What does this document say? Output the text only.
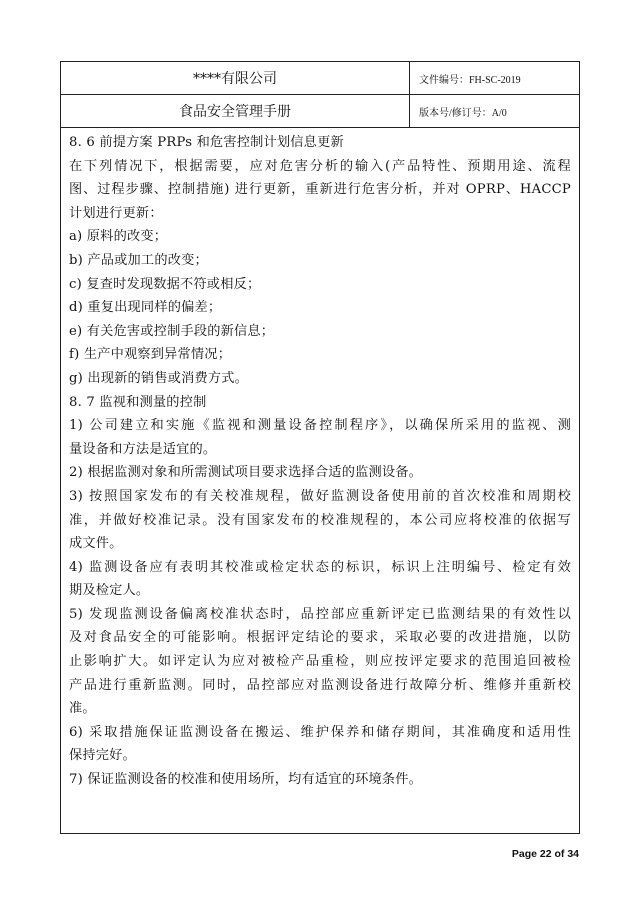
****有限公司	文件编号：FH-SC-2019
食品安全管理手册	版本号/修订号：A/0
8. 6 前提方案 PRPs 和危害控制计划信息更新
在下列情况下，根据需要，应对危害分析的输入(产品特性、预期用途、流程
图、过程步骤、控制措施) 进行更新，重新进行危害分析，并对 OPRP、HACCP
计划进行更新：
a) 原料的改变；
b) 产品或加工的改变；
c) 复查时发现数据不符或相反；
d) 重复出现同样的偏差；
e) 有关危害或控制手段的新信息；
f) 生产中观察到异常情况；
g) 出现新的销售或消费方式。
8. 7 监视和测量的控制
1) 公司建立和实施《监视和测量设备控制程序》，以确保所采用的监视、测
量设备和方法是适宜的。
2) 根据监测对象和所需测试项目要求选择合适的监测设备。
3) 按照国家发布的有关校准规程，做好监测设备使用前的首次校准和周期校
准，并做好校准记录。没有国家发布的校准规程的，本公司应将校准的依据写
成文件。
4) 监测设备应有表明其校准或检定状态的标识，标识上注明编号、检定有效
期及检定人。
5) 发现监测设备偏离校准状态时，品控部应重新评定已监测结果的有效性以
及对食品安全的可能影响。根据评定结论的要求，采取必要的改进措施，以防
止影响扩大。如评定认为应对被检产品重检，则应按评定要求的范围追回被检
产品进行重新监测。同时，品控部应对监测设备进行故障分析、维修并重新校
准。
6) 采取措施保证监测设备在搬运、维护保养和储存期间，其准确度和适用性
保持完好。
7) 保证监测设备的校准和使用场所，均有适宜的环境条件。
Page 22 of 34
